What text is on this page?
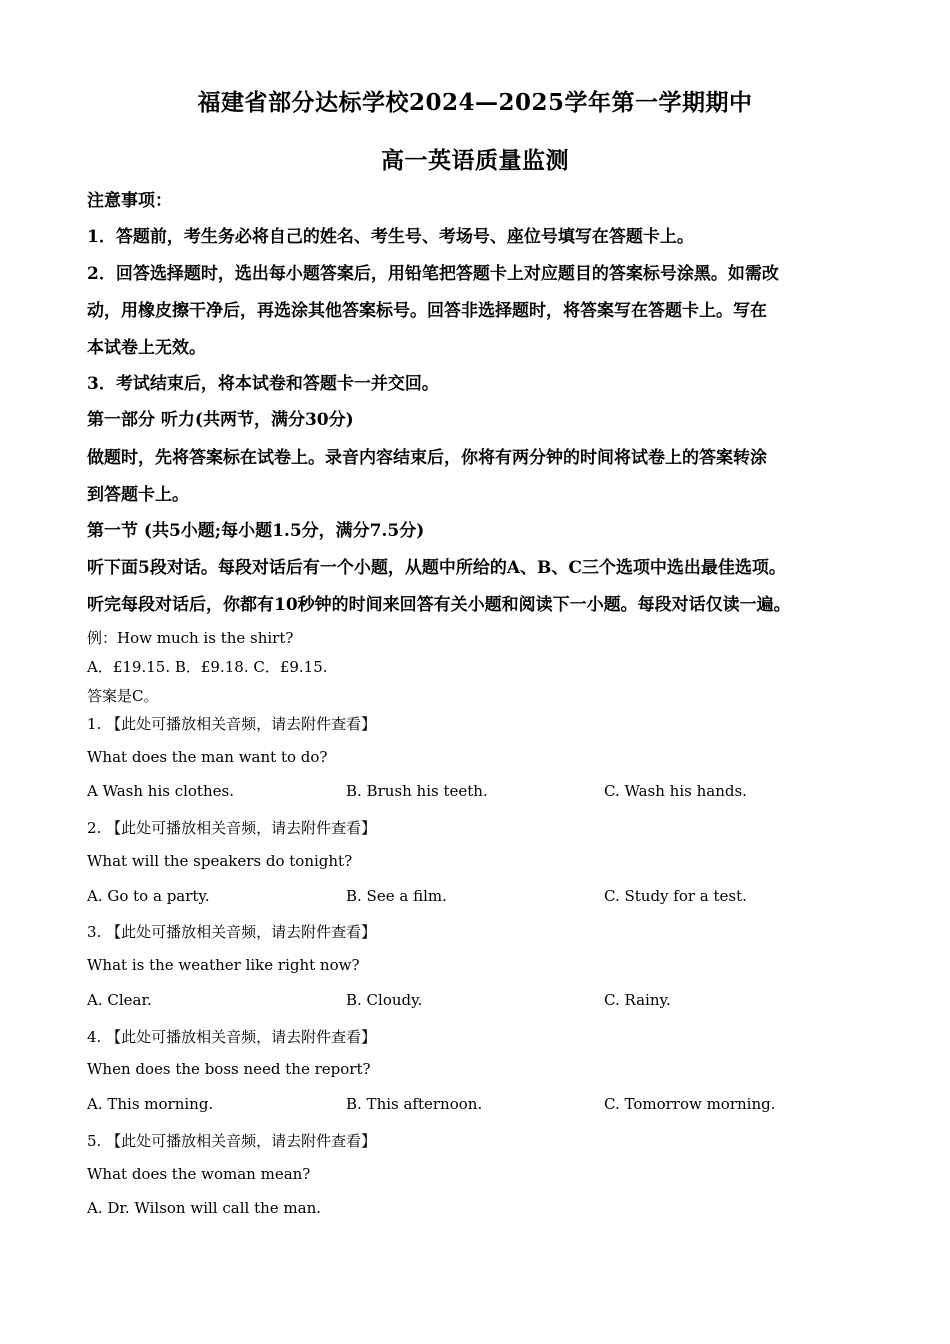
福建省部分达标学校2024—2025学年第一学期期中
高一英语质量监测
注意事项：
1．答题前，考生务必将自己的姓名、考生号、考场号、座位号填写在答题卡上。
2．回答选择题时，选出每小题答案后，用铅笔把答题卡上对应题目的答案标号涂黑。如需改
动，用橡皮擦干净后，再选涂其他答案标号。回答非选择题时，将答案写在答题卡上。写在
本试卷上无效。
3．考试结束后，将本试卷和答题卡一并交回。
第一部分 听力(共两节，满分30分)
做题时，先将答案标在试卷上。录音内容结束后，你将有两分钟的时间将试卷上的答案转涂
到答题卡上。
第一节 (共5小题;每小题1.5分，满分7.5分)
听下面5段对话。每段对话后有一个小题，从题中所给的A、B、C三个选项中选出最佳选项。
听完每段对话后，你都有10秒钟的时间来回答有关小题和阅读下一小题。每段对话仅读一遍。
例：How much is the shirt?
A．£19.15. B．£9.18. C．£9.15.
答案是C。
1. 【此处可播放相关音频，请去附件查看】
What does the man want to do?
A Wash his clothes.	B. Brush his teeth.	C. Wash his hands.
2. 【此处可播放相关音频，请去附件查看】
What will the speakers do tonight?
A. Go to a party.	B. See a film.	C. Study for a test.
3. 【此处可播放相关音频，请去附件查看】
What is the weather like right now?
A. Clear.	B. Cloudy.	C. Rainy.
4. 【此处可播放相关音频，请去附件查看】
When does the boss need the report?
A. This morning.	B. This afternoon.	C. Tomorrow morning.
5. 【此处可播放相关音频，请去附件查看】
What does the woman mean?
A. Dr. Wilson will call the man.
